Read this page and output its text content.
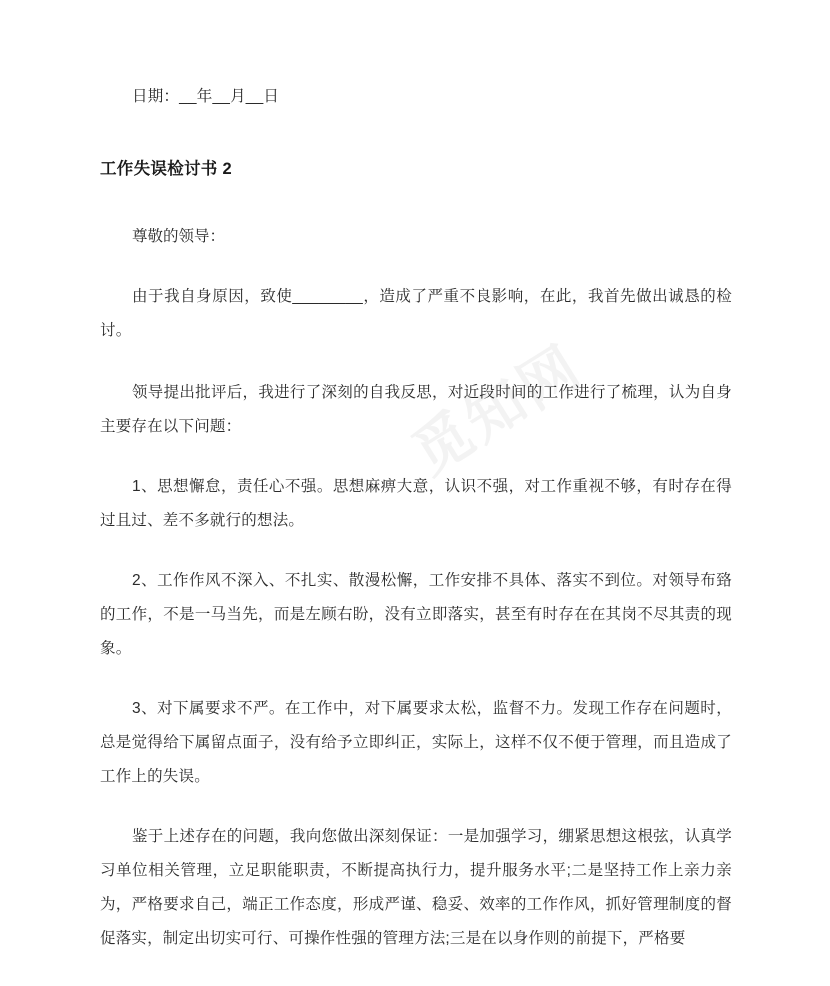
日期：__年__月__日
工作失误检讨书 2
尊敬的领导：

由于我自身原因，致使________，造成了严重不良影响，在此，我首先做出诚恳的检讨。

领导提出批评后，我进行了深刻的自我反思，对近段时间的工作进行了梳理，认为自身主要存在以下问题：

1、思想懈怠，责任心不强。思想麻痹大意，认识不强，对工作重视不够，有时存在得过且过、差不多就行的想法。

2、工作作风不深入、不扎实、散漫松懈，工作安排不具体、落实不到位。对领导布臵的工作，不是一马当先，而是左顾右盼，没有立即落实，甚至有时存在在其岗不尽其责的现象。

3、对下属要求不严。在工作中，对下属要求太松，监督不力。发现工作存在问题时，总是觉得给下属留点面子，没有给予立即纠正，实际上，这样不仅不便于管理，而且造成了工作上的失误。

鉴于上述存在的问题，我向您做出深刻保证：一是加强学习，绷紧思想这根弦，认真学习单位相关管理，立足职能职责，不断提高执行力，提升服务水平;二是坚持工作上亲力亲为，严格要求自己，端正工作态度，形成严谨、稳妥、效率的工作作风，抓好管理制度的督促落实，制定出切实可行、可操作性强的管理方法;三是在以身作则的前提下，严格要
